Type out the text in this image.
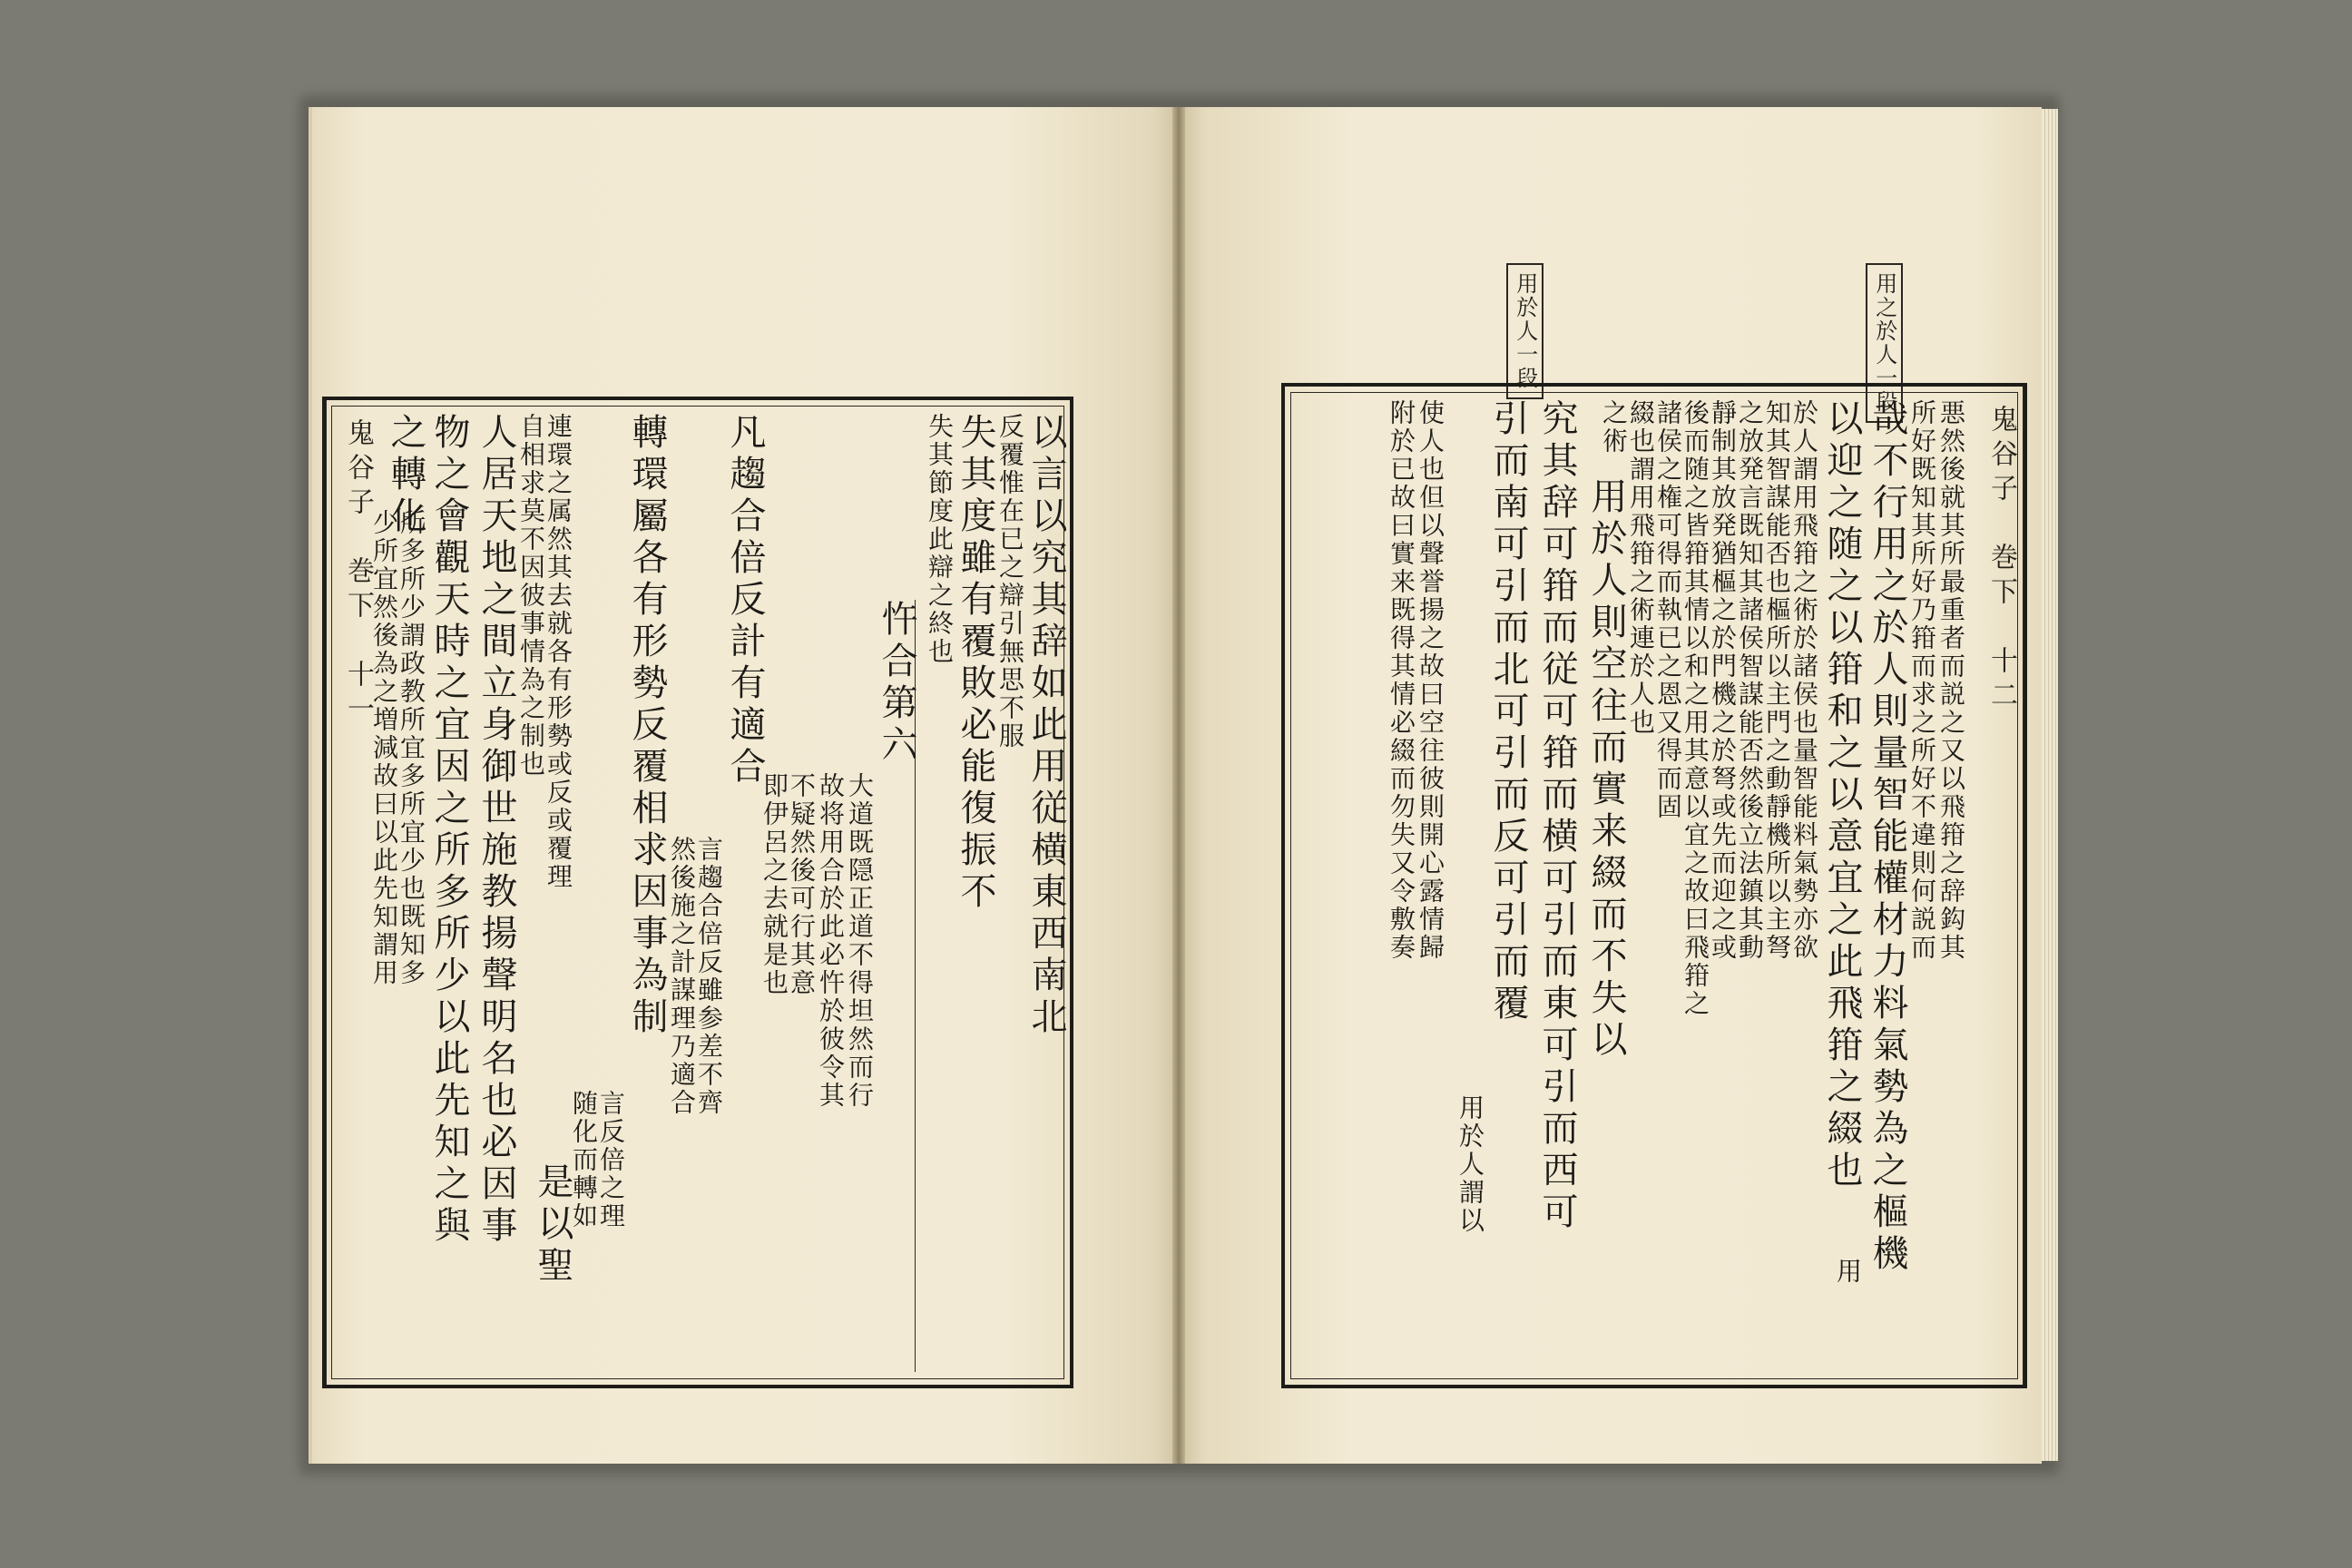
鬼谷子　巻下　十一	以言以究其辞如此用従横東西南北
反覆惟在已之辯引無思不服
失其度雖有覆敗必能復振不
失其節度此辯之終也
忤合第六
大道既隠正道不得坦然而行
故将用合於此必忤於彼令其
不疑然後可行其意
即伊呂之去就是也
凡趨合倍反計有適合
言趨合倍反雖参差不齊
然後施之計謀理乃適合
轉環屬各有形勢反覆相求因事為制
言反倍之理
随化而轉如
連環之属然其去就各有形勢或反或覆理
自相求莫不因彼事情為之制也
是以聖
人居天地之間立身御世施教揚聲明名也必因事
物之會觀天時之宜因之所多所少以此先知之與
所多所少謂政教所宜多所宜少也既知多
之轉化
少所宜然後為之増減故曰以此先知謂用
用之於人一段
用於人一段
鬼谷子　巻下　十二
悪然後就其所最重者而説之又以飛箝之辞鈎其
所好既知其所好乃箝而求之所好不違則何説而
不行用之於人則量智能權材力料氣勢為之樞機
哉
以迎之随之以箝和之以意宜之此飛箝之綴也
用
於人謂用飛箝之術於諸侯也量智能料氣勢亦欲
知其智謀能否也樞所以主門之動靜機所以主弩
之放発言既知其諸侯智謀能否然後立法鎮其動
靜制其放発猶樞之於門機之於弩或先而迎之或
後而随之皆箝其情以和之用其意以宜之故曰飛箝之
諸侯之権可得而執已之恩又得而固
綴也謂用飛箝之術連於人也
之術
用於人則空往而實来綴而不失以
究其辞可箝而従可箝而横可引而東可引而西可
引而南可引而北可引而反可引而覆
用於人謂以
使人也但以聲誉揚之故曰空往彼則開心露情歸
附於已故曰實来既得其情必綴而勿失又令敷奏
